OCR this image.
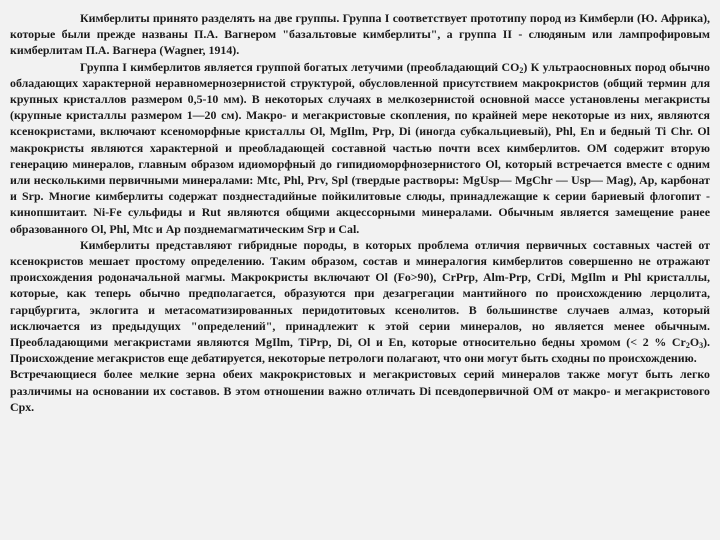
Кимберлиты принято разделять на две группы. Группа I соответствует прототипу пород из Кимберли (Ю. Африка), которые были прежде названы П.А. Вагнером "базальтовые кимберлиты", а группа II - слюдяным или лампрофировым кимберлитам П.А. Вагнера (Wagner, 1914).

Группа I кимберлитов является группой богатых летучими (преобладающий $CO_2$) К ультраосновных пород обычно обладающих характерной неравномернозернистой структурой, обусловленной присутствием макрокристов (общий термин для крупных кристаллов размером 0,5-10 мм). В некоторых случаях в мелкозернистой основной массе установлены мегакристы (крупные кристаллы размером 1—20 см). Макро- и мегакристовые скопления, по крайней мере некоторые из них, являются ксенокристами, включают ксеноморфные кристаллы Ol, MgIlm, Prp, Di (иногда субкальциевый), Phl, En и бедный Ti Chr. Ol макрокристы являются характерной и преобладающей составной частью почти всех кимберлитов. ОМ содержит вторую генерацию минералов, главным образом идиоморфный до гипидиоморфнозернистого Ol, который встречается вместе с одним или несколькими первичными минералами: Mtc, Phl, Prv, Spl (твердые растворы: MgUsp— MgChr — Usp— Mag), Ap, карбонат и Srp. Многие кимберлиты содержат позднестадийные пойкилитовые слюды, принадлежащие к серии бариевый флогопит - кинопшитаит. Ni-Fe сульфиды и Rut являются общими акцессорными минералами. Обычным является замещение ранее образованного Ol, Phl, Mtc и Ap позднемагматическим Srp и Cal.

Кимберлиты представляют гибридные породы, в которых проблема отличия первичных составных частей от ксенокристов мешает простому определению. Таким образом, состав и минералогия кимберлитов совершенно не отражают происхождения родоначальной магмы. Макрокристы включают Ol (Fo>90), CrPrp, Alm-Prp, CrDi, MgIlm и Phl кристаллы, которые, как теперь обычно предполагается, образуются при дезагрегации мантийного по происхождению лерцолита, гарцбургита, эклогита и метасоматизированных перидотитовых ксенолитов. В большинстве случаев алмаз, который исключается из предыдущих "определений", принадлежит к этой серии минералов, но является менее обычным. Преобладающими мегакристами являются MgIlm, TiPrp, Di, Ol и En, которые относительно бедны хромом (< 2 % $Cr_2O_3$). Происхождение мегакристов еще дебатируется, некоторые петрологи полагают, что они могут быть сходны по происхождению.

Встречающиеся более мелкие зерна обеих макрокристовых и мегакристовых серий минералов также могут быть легко различимы на основании их составов. В этом отношении важно отличать Di псевдопервичной ОМ от макро- и мегакристового Cpx.
